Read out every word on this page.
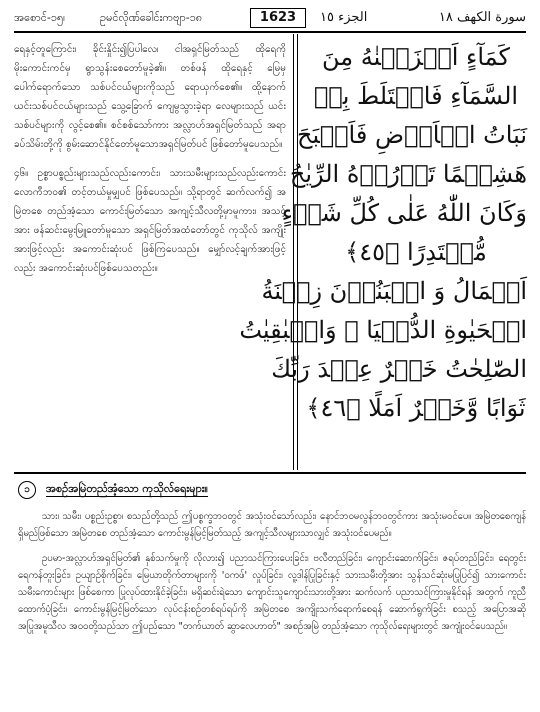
အစောင်-၁၅၊	ဥမင်လိုဏ်ခေါင်းကဗျာ-၁၈	1623	الجزء ١٥	سورة الكهف ١٨

ရေနှင့်တူကြောင်း၊ ခိုင်းနှိုင်း၍ပြပါလေ၊ ငါအရှင်မြတ်သည် ထိုရေကို မိုးကောင်းကင်မှ ရွာသွန်းစေတော်မူခဲ့၏။ တစ်ဖန် ထိုရေနှင့် မြေမှပေါက်ရောက်သော သစ်ပင်ငယ်များကိုသည် ရောယှက်စေ၏။ ထို့နောက် ယင်းသစ်ပင်ငယ်များသည် သွေ့ခြောက် ကျေမွသွားခဲ့ရာ လေများသည် ယင်းသစ်ပင်များကို လွင့်စေ၏။ စင်စစ်သော်ကား အလ္လာဟ်အရှင်မြတ်သည် အရာခပ်သိမ်းတို့ကို စွမ်းဆောင်နိုင်တော်မူသောအရှင်မြတ်ပင် ဖြစ်တော်မူပေသည်။

၄၆။ ဥစ္စာပစ္စည်းများသည်လည်းကောင်း၊ သားသမီးများသည်လည်းကောင်း လောကီဘဝ၏ တင့်တယ်မှုမျှပင် ဖြစ်ပေသည်။ သို့ရာတွင် ဆက်လက်၍ အမြဲတစေ တည်အံ့သော ကောင်းမြတ်သော အကျင့်သီလတို့မှာမူကား၊ အသင့်အား ဖန်ဆင်းမွေးမြူတော်မူသော အရှင်မြတ်အထံတော်တွင် ကုသိုလ် အကျိုးအားဖြင့်လည်း အကောင်းဆုံးပင် ဖြစ်ကြပေသည်။ မျှော်လင့်ချက်အားဖြင့်လည်း အကောင်းဆုံးပင်ဖြစ်ပေသတည်း။

كَمَآءٍ اَنۡزَلۡنٰهُ مِنَ
السَّمَآءِ فَاخۡتَلَطَ بِهٖ
نَبَاتُ الۡاَرۡضِ فَاَصۡبَحَ
هَشِيۡمًا تَذۡرُوۡهُ الرِّيٰحُ
وَكَانَ اللّٰهُ عَلٰى كُلِّ شَىۡءٍ
مُّقۡتَدِرًا ﴿٤٥﴾
اَلۡمَالُ وَ الۡبَنُوۡنَ زِيۡنَةُ
الۡحَيٰوةِ الدُّنۡيَا ۚ وَالۡبٰقِيٰتُ
الصّٰلِحٰتُ خَيۡرٌ عِنۡدَ رَبِّكَ
ثَوَابًا وَّخَيۡرٌ اَمَلًا ﴿٤٦﴾
၁ အစဉ်အမြဲတည်အံ့သော ကုသိုလ်ရေးများ။

သား၊ သမီး၊ ပစ္စည်းဥစ္စာ၊ စသည်တို့သည် ဤပစ္စက္ခဘဝတွင် အသုံးဝင်သော်လည်း၊ နောင်ဘဝမလွန်ဘဝတွင်ကား အသုံးမဝင်ပေ။ အမြဲတစေကျန်ရှိမည်ဖြစ်သော အမြဲတစေ တည်အံ့သော ကောင်းမွန်မြင့်မြတ်သည့် အကျင့်သီလများသာလျှင် အသုံးဝင်ပေမည်။

ဥပမာ-အလ္လာဟ်အရှင်မြတ်၏ နှစ်သက်မှုကို လိုလား၍ ပညာသင်ကြားပေးခြင်း၊ ဗလီတည်ခြင်း၊ ကျောင်းဆောက်ခြင်း၊ ဇရပ်တည်ခြင်း၊ ရေတွင်း ရေကန်တူးခြင်း၊ ဥယျာဉ်စိုက်ခြင်း၊ မြေယာတိုက်တာများကို 'ဝကဖ်' လှုပ်ခြင်း၊ လူ့ဒါန်ပြုခြင်းနှင့် သားသမီးတို့အား သွန်သင်ဆုံးမပြုပြင်၍ သားကောင်း သမီးကောင်းများ ဖြစ်စေကာ ပြုလုပ်ထားနိုင်ခဲ့ခြင်း၊ မရှိဆင်းရဲသော ကျောင်းသူကျောင်းသားတို့အား ဆက်လက် ပညာသင်ကြားမှုနိုင်ရန် အတွက် ကူညီထောက်ပံ့ခြင်း၊ ကောင်းမွန်မြင့်မြတ်သော လုပ်ငန်းစဉ်တစ်ရပ်ရပ်ကို အမြဲတစေ အကျိုးသက်ရောက်စေရန် ဆောက်ရွက်ခြင်း စသည့် အပြောအဆို အပြုအမူသီလ အဝဝတို့သည်သာ ဤပည်သော "တက်ယာတ် ဆွာလေဟာတ်" အစဉ်အမြဲ တည်အံ့သော ကုသိုလ်ရေးများတွင် အကျုံးဝင်ပေသည်။
